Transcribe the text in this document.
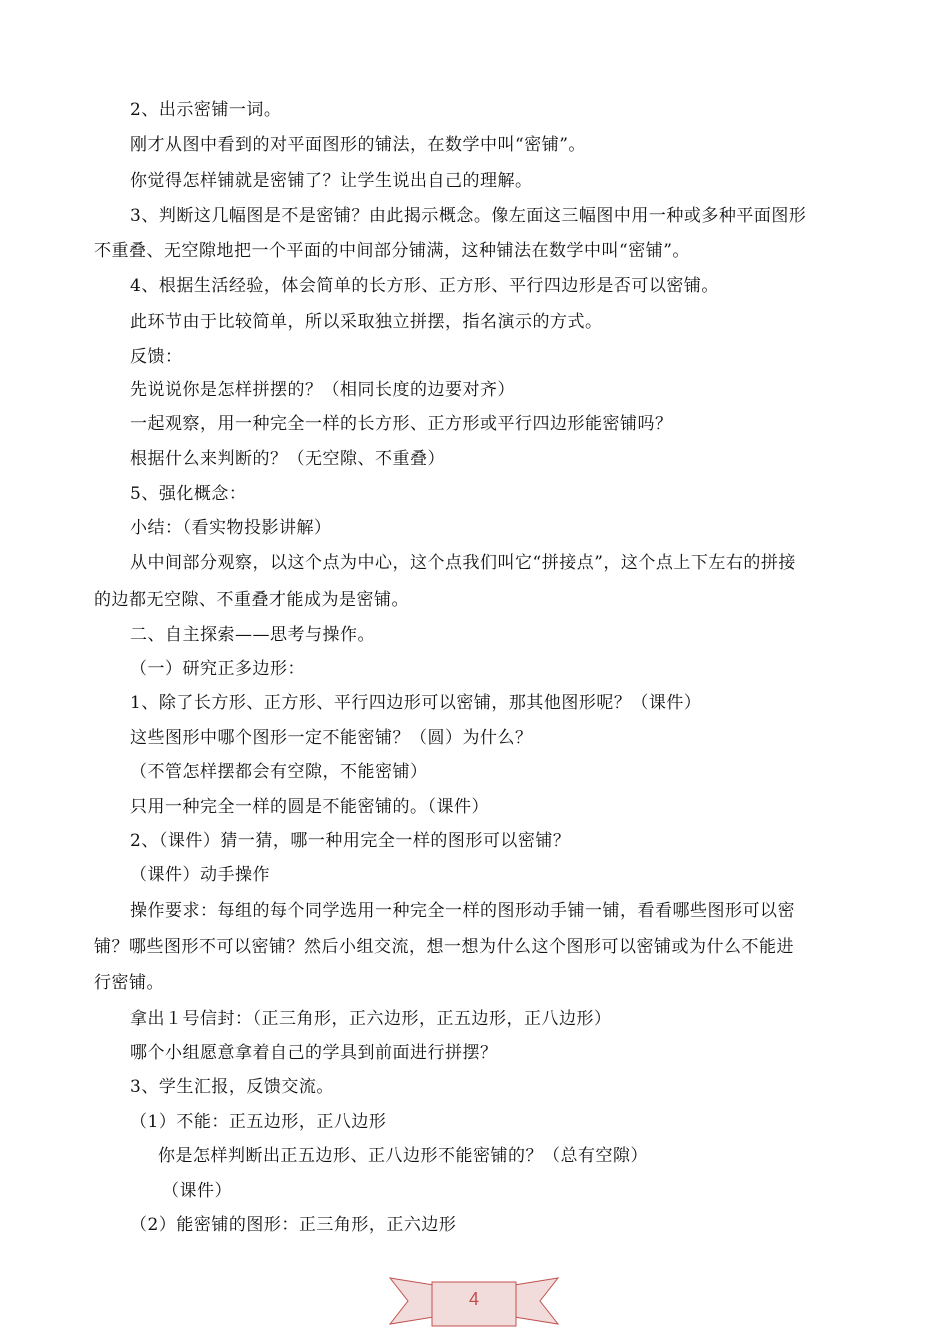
2、出示密铺一词。
刚才从图中看到的对平面图形的铺法，在数学中叫“密铺”。
你觉得怎样铺就是密铺了？让学生说出自己的理解。
3、判断这几幅图是不是密铺？由此揭示概念。像左面这三幅图中用一种或多种平面图形
不重叠、无空隙地把一个平面的中间部分铺满，这种铺法在数学中叫“密铺”。
4、根据生活经验，体会简单的长方形、正方形、平行四边形是否可以密铺。
此环节由于比较简单，所以采取独立拼摆，指名演示的方式。
反馈：
先说说你是怎样拼摆的？（相同长度的边要对齐）
一起观察，用一种完全一样的长方形、正方形或平行四边形能密铺吗？
根据什么来判断的？（无空隙、不重叠）
5、强化概念：
小结：（看实物投影讲解）
从中间部分观察，以这个点为中心，这个点我们叫它“拼接点”，这个点上下左右的拼接
的边都无空隙、不重叠才能成为是密铺。
二、自主探索——思考与操作。
（一）研究正多边形：
1、除了长方形、正方形、平行四边形可以密铺，那其他图形呢？（课件）
这些图形中哪个图形一定不能密铺？（圆）为什么？
（不管怎样摆都会有空隙，不能密铺）
只用一种完全一样的圆是不能密铺的。（课件）
2、（课件）猜一猜，哪一种用完全一样的图形可以密铺？
（课件）动手操作
操作要求：每组的每个同学选用一种完全一样的图形动手铺一铺，看看哪些图形可以密
铺？哪些图形不可以密铺？然后小组交流，想一想为什么这个图形可以密铺或为什么不能进
行密铺。
拿出１号信封：（正三角形，正六边形，正五边形，正八边形）
哪个小组愿意拿着自己的学具到前面进行拼摆？
3、学生汇报，反馈交流。
（1）不能：正五边形，正八边形
你是怎样判断出正五边形、正八边形不能密铺的？（总有空隙）
（课件）
（2）能密铺的图形：正三角形，正六边形
4
